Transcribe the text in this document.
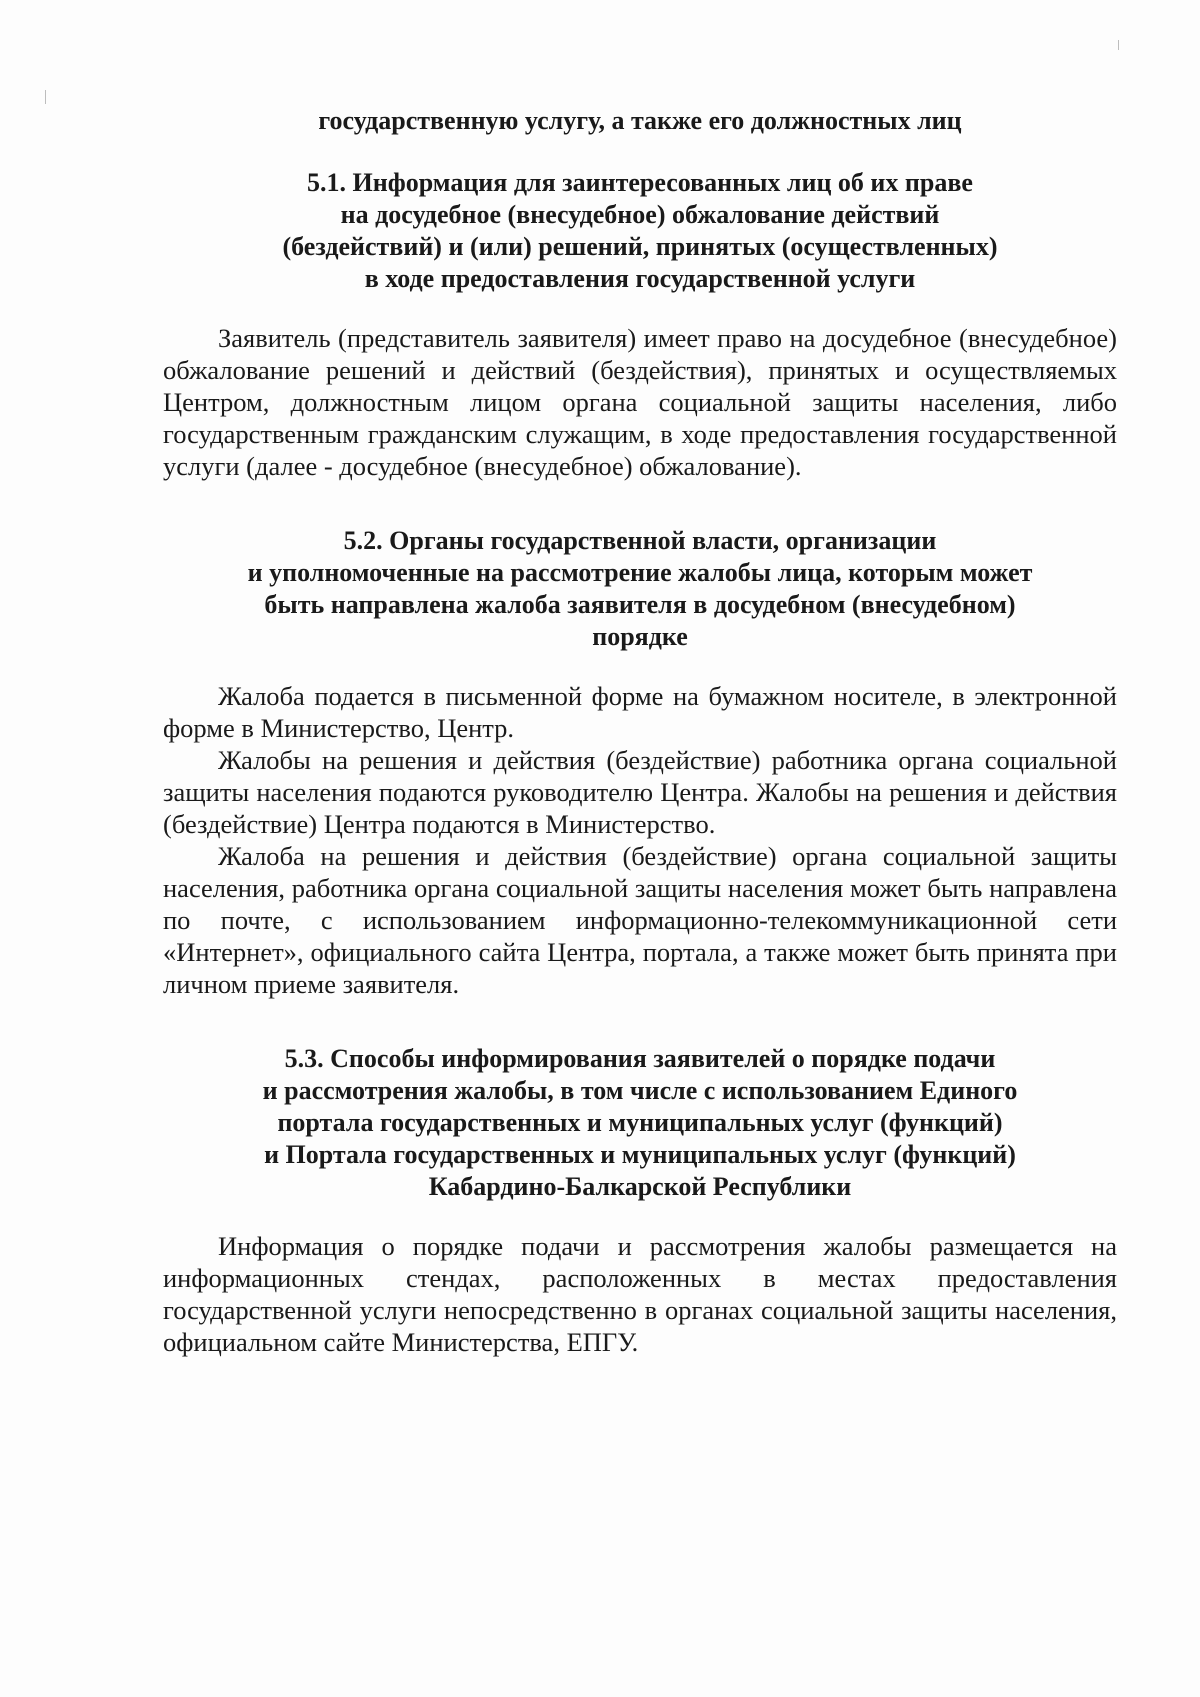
государственную услугу, а также его должностных лиц

5.1. Информация для заинтересованных лиц об их праве
на досудебное (внесудебное) обжалование действий
(бездействий) и (или) решений, принятых (осуществленных)
в ходе предоставления государственной услуги

Заявитель (представитель заявителя) имеет право на досудебное (внесудебное) обжалование решений и действий (бездействия), принятых и осуществляемых Центром, должностным лицом органа социальной защиты населения, либо государственным гражданским служащим, в ходе предоставления государственной услуги (далее - досудебное (внесудебное) обжалование).

5.2. Органы государственной власти, организации
и уполномоченные на рассмотрение жалобы лица, которым может
быть направлена жалоба заявителя в досудебном (внесудебном)
порядке

Жалоба подается в письменной форме на бумажном носителе, в электронной форме в Министерство, Центр.

Жалобы на решения и действия (бездействие) работника органа социальной защиты населения подаются руководителю Центра. Жалобы на решения и действия (бездействие) Центра подаются в Министерство.

Жалоба на решения и действия (бездействие) органа социальной защиты населения, работника органа социальной защиты населения может быть направлена по почте, с использованием информационно-телекоммуникационной сети «Интернет», официального сайта Центра, портала, а также может быть принята при личном приеме заявителя.

5.3. Способы информирования заявителей о порядке подачи
и рассмотрения жалобы, в том числе с использованием Единого
портала государственных и муниципальных услуг (функций)
и Портала государственных и муниципальных услуг (функций)
Кабардино-Балкарской Республики

Информация о порядке подачи и рассмотрения жалобы размещается на информационных стендах, расположенных в местах предоставления государственной услуги непосредственно в органах социальной защиты населения, официальном сайте Министерства, ЕПГУ.
